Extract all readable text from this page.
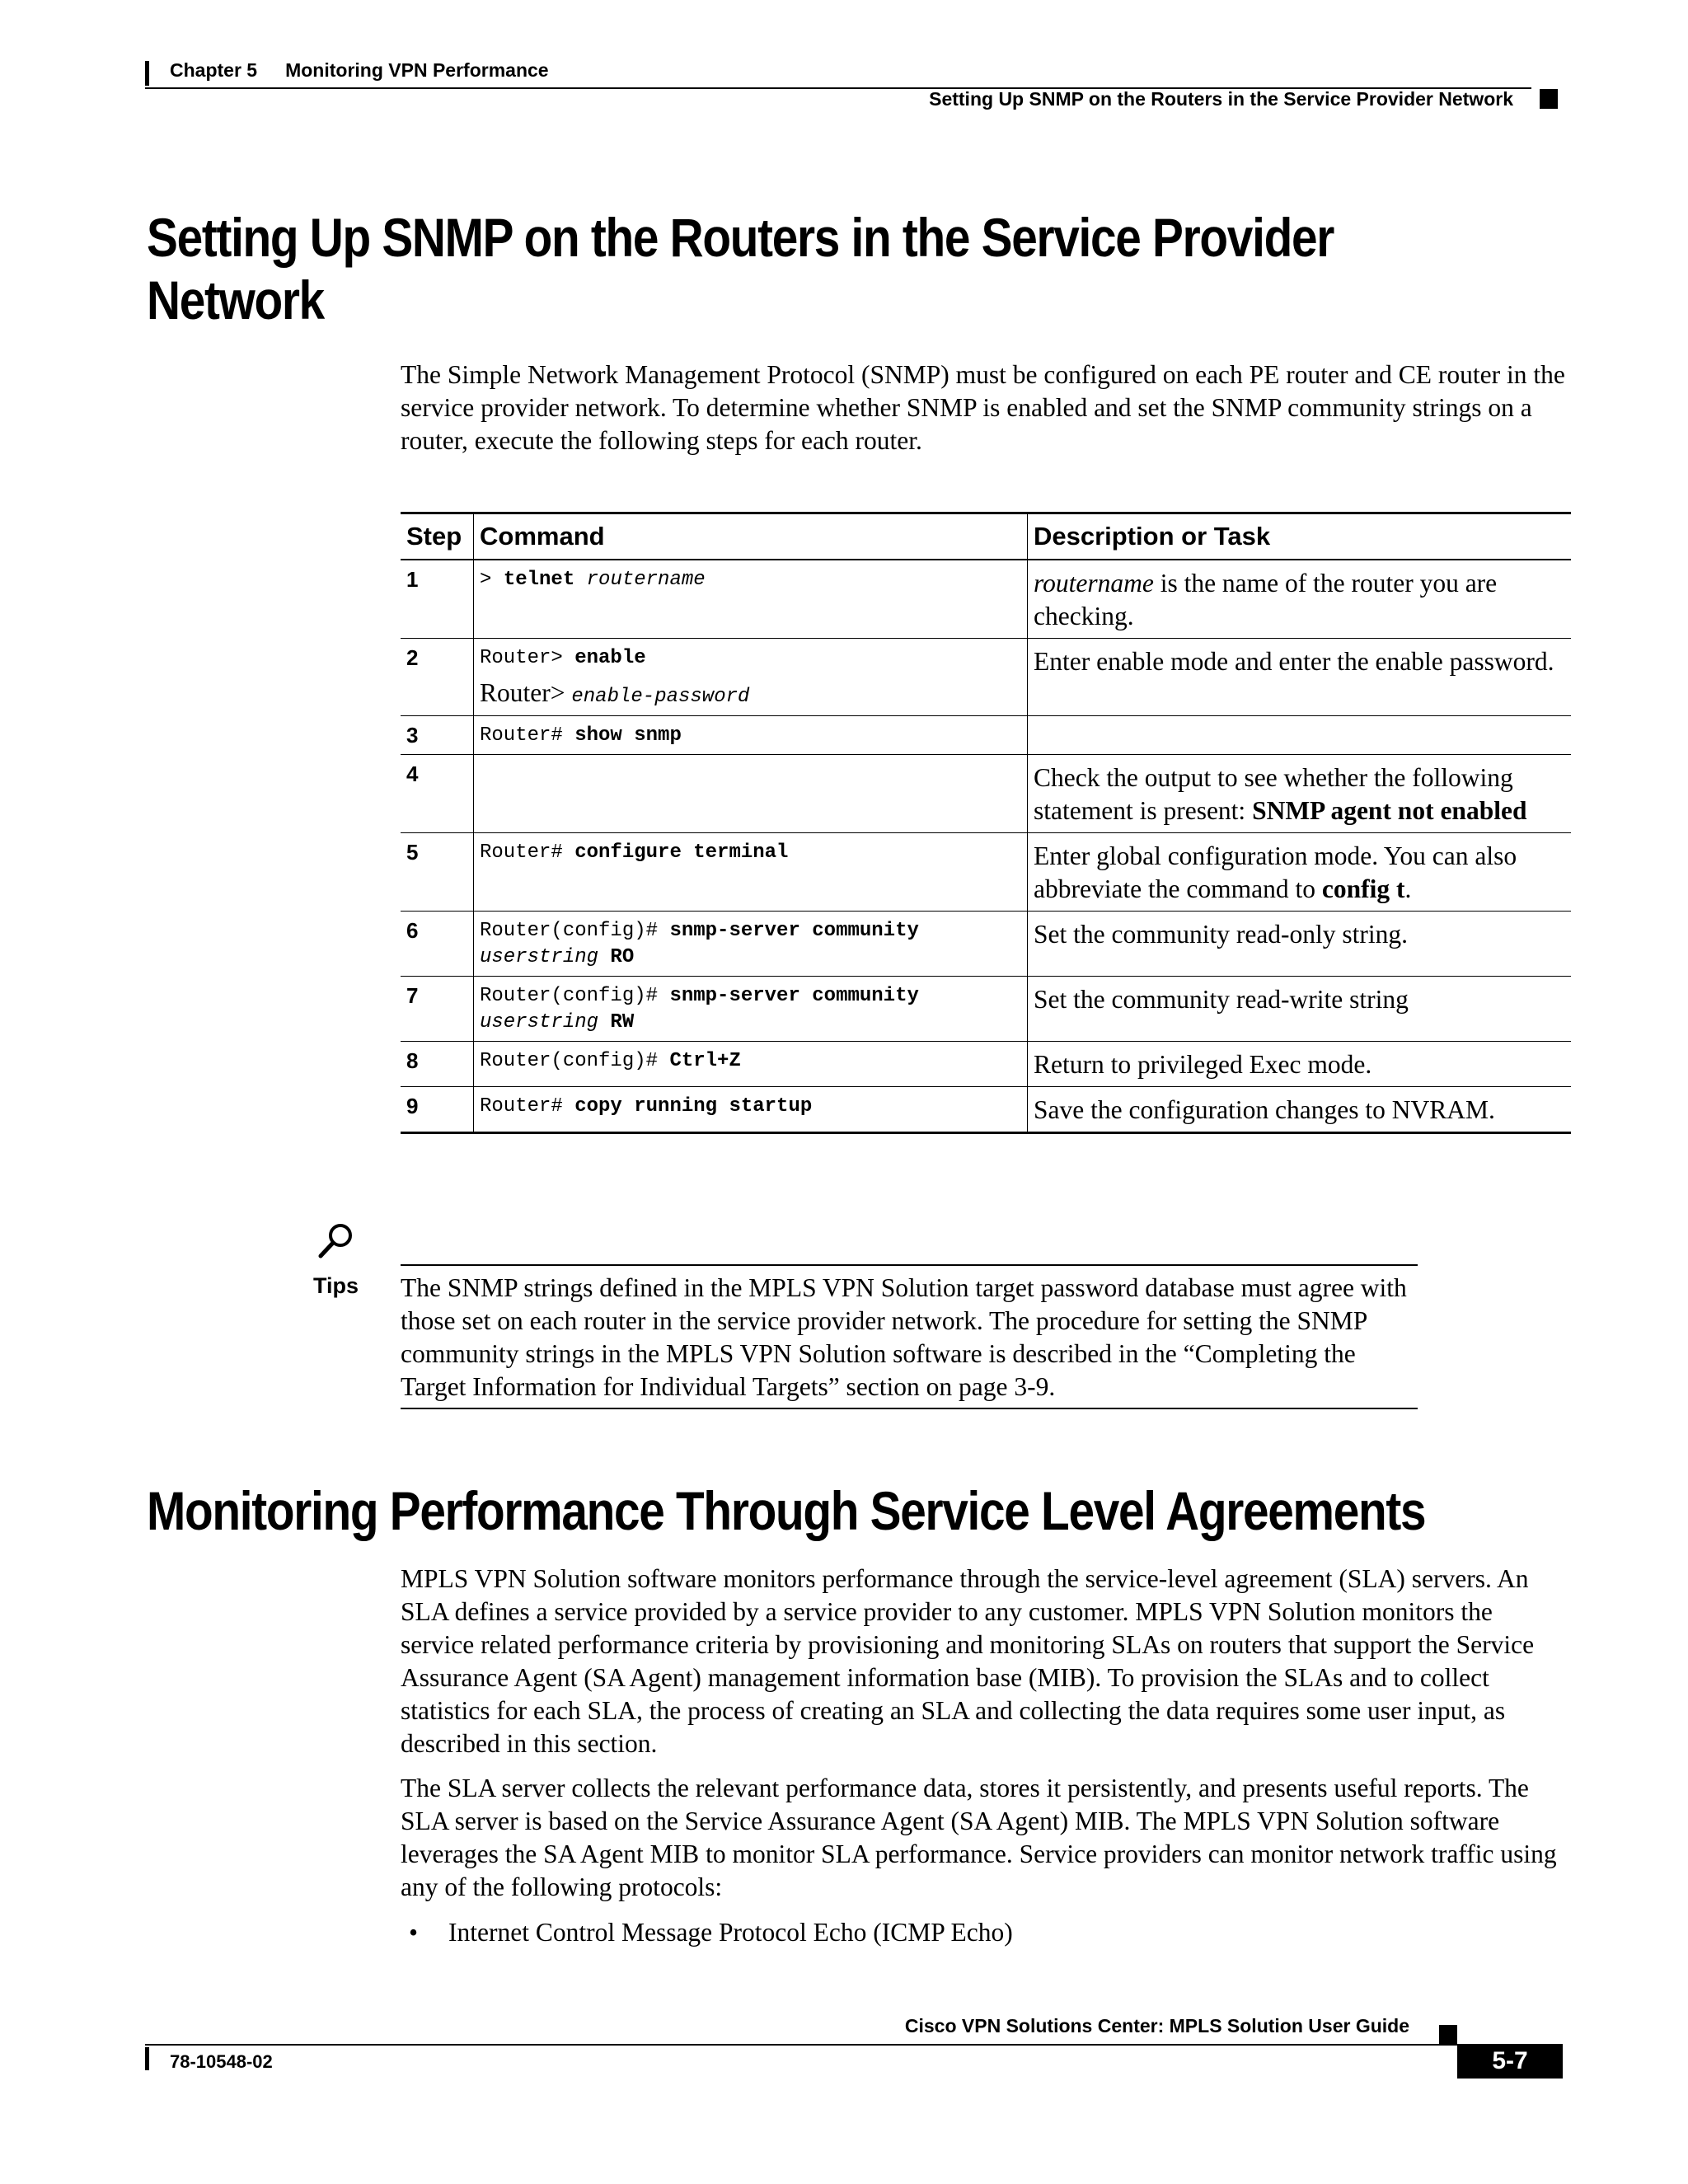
Chapter 5 Monitoring VPN Performance
Setting Up SNMP on the Routers in the Service Provider Network
Setting Up SNMP on the Routers in the Service Provider
Network
The Simple Network Management Protocol (SNMP) must be configured on each PE router and CE router in the service provider network. To determine whether SNMP is enabled and set the SNMP community strings on a router, execute the following steps for each router.
Step	Command	Description or Task
1	> telnet routername	routername is the name of the router you are checking.
2	Router> enable
Router> enable-password	Enter enable mode and enter the enable password.
3	Router# show snmp	
4		Check the output to see whether the following statement is present: SNMP agent not enabled
5	Router# configure terminal	Enter global configuration mode. You can also abbreviate the command to config t.
6	Router(config)# snmp-server community
userstring RO	Set the community read-only string.
7	Router(config)# snmp-server community
userstring RW	Set the community read-write string
8	Router(config)# Ctrl+Z	Return to privileged Exec mode.
9	Router# copy running startup	Save the configuration changes to NVRAM.
Tips The SNMP strings defined in the MPLS VPN Solution target password database must agree with those set on each router in the service provider network. The procedure for setting the SNMP community strings in the MPLS VPN Solution software is described in the “Completing the Target Information for Individual Targets” section on page 3-9.
Monitoring Performance Through Service Level Agreements
MPLS VPN Solution software monitors performance through the service-level agreement (SLA) servers. An SLA defines a service provided by a service provider to any customer. MPLS VPN Solution monitors the service related performance criteria by provisioning and monitoring SLAs on routers that support the Service Assurance Agent (SA Agent) management information base (MIB). To provision the SLAs and to collect statistics for each SLA, the process of creating an SLA and collecting the data requires some user input, as described in this section.
The SLA server collects the relevant performance data, stores it persistently, and presents useful reports. The SLA server is based on the Service Assurance Agent (SA Agent) MIB. The MPLS VPN Solution software leverages the SA Agent MIB to monitor SLA performance. Service providers can monitor network traffic using any of the following protocols:
• Internet Control Message Protocol Echo (ICMP Echo)
Cisco VPN Solutions Center: MPLS Solution User Guide
78-10548-02	5-7
